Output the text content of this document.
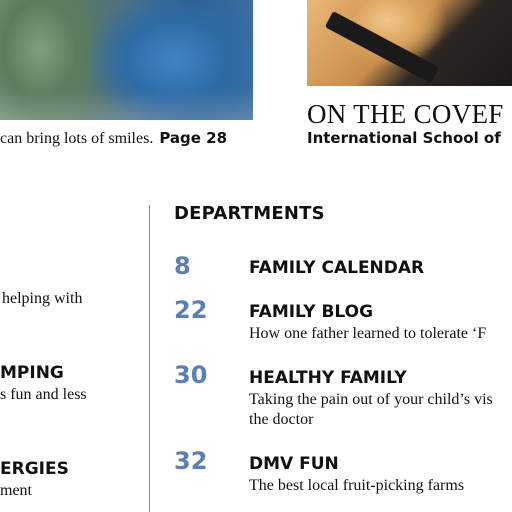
can bring lots of smiles. Page 28
ON THE COVEF
International School of
helping with
MPING
s fun and less
ERGIES
ment
DEPARTMENTS
8	FAMILY CALENDAR
22 FAMILY BLOG
How one father learned to tolerate ‘F
30 HEALTHY FAMILY
Taking the pain out of your child’s vis
the doctor
32 DMV FUN
The best local fruit-picking farms
